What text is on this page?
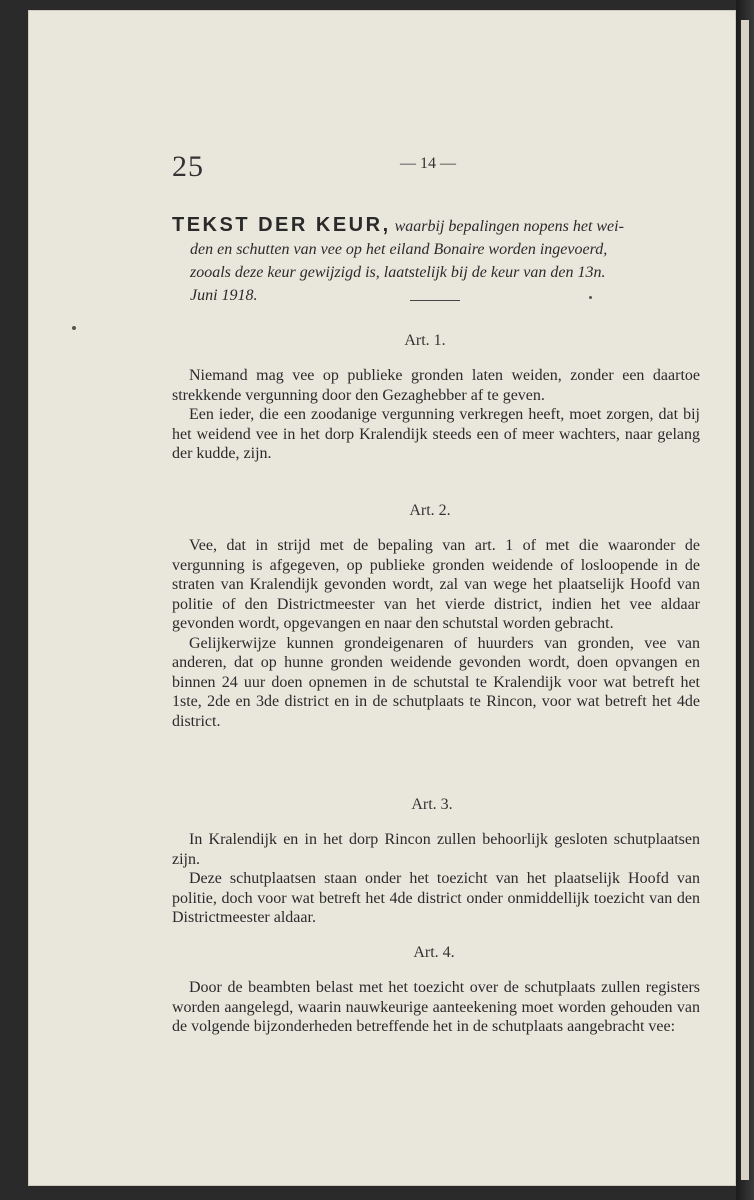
25	— 14 —
TEKST DER KEUR, waarbij bepalingen nopens het wei-
den en schutten van vee op het eiland Bonaire worden ingevoerd,
zooals deze keur gewijzigd is, laatstelijk bij de keur van den 13n.
Juni 1918.
Art. 1.

Niemand mag vee op publieke gronden laten weiden, zonder een daartoe strekkende vergunning door den Gezaghebber af te geven.

Een ieder, die een zoodanige vergunning verkregen heeft, moet zorgen, dat bij het weidend vee in het dorp Kralendijk steeds een of meer wachters, naar gelang der kudde, zijn.

Art. 2.

Vee, dat in strijd met de bepaling van art. 1 of met die waaronder de vergunning is afgegeven, op publieke gronden weidende of losloopende in de straten van Kralendijk gevonden wordt, zal van wege het plaatselijk Hoofd van politie of den Districtmeester van het vierde district, indien het vee aldaar gevonden wordt, opgevangen en naar den schutstal worden gebracht.

Gelijkerwijze kunnen grondeigenaren of huurders van gronden, vee van anderen, dat op hunne gronden weidende gevonden wordt, doen opvangen en binnen 24 uur doen opnemen in de schutstal te Kralendijk voor wat betreft het 1ste, 2de en 3de district en in de schutplaats te Rincon, voor wat betreft het 4de district.

Art. 3.

In Kralendijk en in het dorp Rincon zullen behoorlijk gesloten schutplaatsen zijn.

Deze schutplaatsen staan onder het toezicht van het plaatselijk Hoofd van politie, doch voor wat betreft het 4de district onder onmiddellijk toezicht van den Districtmeester aldaar.

Art. 4.

Door de beambten belast met het toezicht over de schutplaats zullen registers worden aangelegd, waarin nauwkeurige aanteekening moet worden gehouden van de volgende bijzonderheden betreffende het in de schutplaats aangebracht vee:
